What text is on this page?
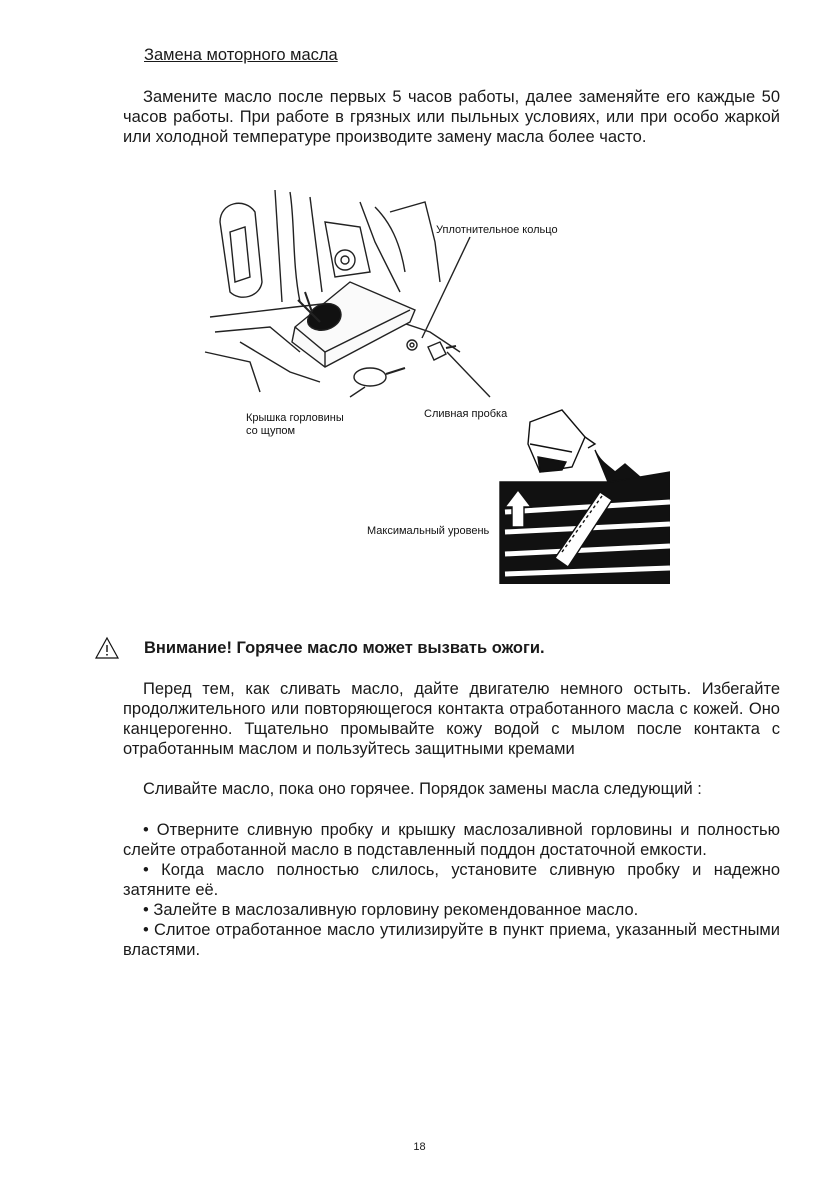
Замена моторного масла
Замените масло после первых 5 часов работы, далее заменяйте его каждые 50 часов работы. При работе в грязных или пыльных условиях, или при особо жаркой или холодной температуре производите замену масла более часто.
Уплотнительное кольцо
Крышка горловины
со щупом
Сливная пробка
Максимальный уровень
Внимание! Горячее масло может вызвать ожоги.
Перед тем, как сливать масло, дайте двигателю немного остыть. Избегайте продолжительного или повторяющегося контакта отработанного масла с кожей. Оно канцерогенно. Тщательно промывайте кожу водой с мылом после контакта с отработанным маслом и пользуйтесь защитными кремами
Сливайте масло, пока оно горячее. Порядок замены масла следующий :
• Отверните сливную пробку и крышку маслозаливной горловины и полностью слейте отработанной масло в подставленный поддон достаточной емкости.
• Когда масло полностью слилось, установите сливную пробку и надежно затяните её.
• Залейте в маслозаливную горловину рекомендованное масло.
• Слитое отработанное масло утилизируйте в пункт приема, указанный местными властями.
18
